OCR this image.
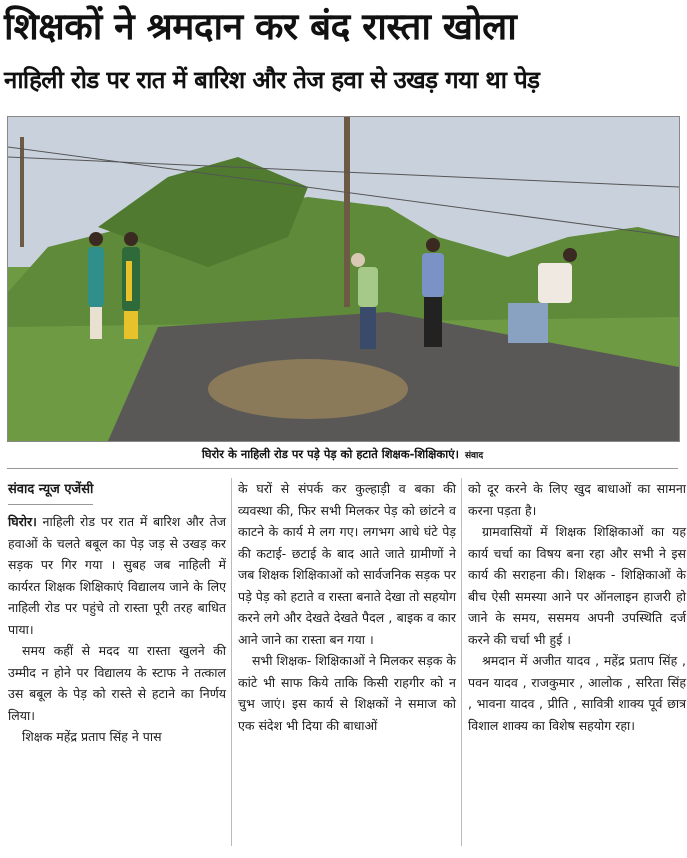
शिक्षकों ने श्रमदान कर बंद रास्ता खोला
नाहिली रोड पर रात में बारिश और तेज हवा से उखड़ गया था पेड़
घिरोर के नाहिली रोड पर पड़े पेड़ को हटाते शिक्षक-शिक्षिकाएं। संवाद
संवाद न्यूज एजेंसी

घिरोर। नाहिली रोड पर रात में बारिश और तेज हवाओं के चलते बबूल का पेड़ जड़ से उखड़ कर सड़क पर गिर गया । सुबह जब नाहिली में कार्यरत शिक्षक शिक्षिकाएं विद्यालय जाने के लिए नाहिली रोड पर पहुंचे तो रास्ता पूरी तरह बाधित पाया।

समय कहीं से मदद या रास्ता खुलने की उम्मीद न होने पर विद्यालय के स्टाफ ने तत्काल उस बबूल के पेड़ को रास्ते से हटाने का निर्णय लिया।

शिक्षक महेंद्र प्रताप सिंह ने पास

के घरों से संपर्क कर कुल्हाड़ी व बका की व्यवस्था की, फिर सभी मिलकर पेड़ को छांटने व काटने के कार्य मे लग गए। लगभग आधे घंटे पेड़ की कटाई- छटाई के बाद आते जाते ग्रामीणों ने जब शिक्षक शिक्षिकाओं को सार्वजनिक सड़क पर पड़े पेड़ को हटाते व रास्ता बनाते देखा तो सहयोग करने लगे और देखते देखते पैदल , बाइक व कार आने जाने का रास्ता बन गया ।

सभी शिक्षक- शिक्षिकाओं ने मिलकर सड़क के कांटे भी साफ किये ताकि किसी राहगीर को न चुभ जाएं। इस कार्य से शिक्षकों ने समाज को एक संदेश भी दिया की बाधाओं

को दूर करने के लिए खुद बाधाओं का सामना करना पड़ता है।

ग्रामवासियों में शिक्षक शिक्षिकाओं का यह कार्य चर्चा का विषय बना रहा और सभी ने इस कार्य की सराहना की। शिक्षक - शिक्षिकाओं के बीच ऐसी समस्या आने पर ऑनलाइन हाजरी हो जाने के समय, ससमय अपनी उपस्थिति दर्ज करने की चर्चा भी हुई ।

श्रमदान में अजीत यादव , महेंद्र प्रताप सिंह , पवन यादव , राजकुमार , आलोक , सरिता सिंह , भावना यादव , प्रीति , सावित्री शाक्य पूर्व छात्र विशाल शाक्य का विशेष सहयोग रहा।
